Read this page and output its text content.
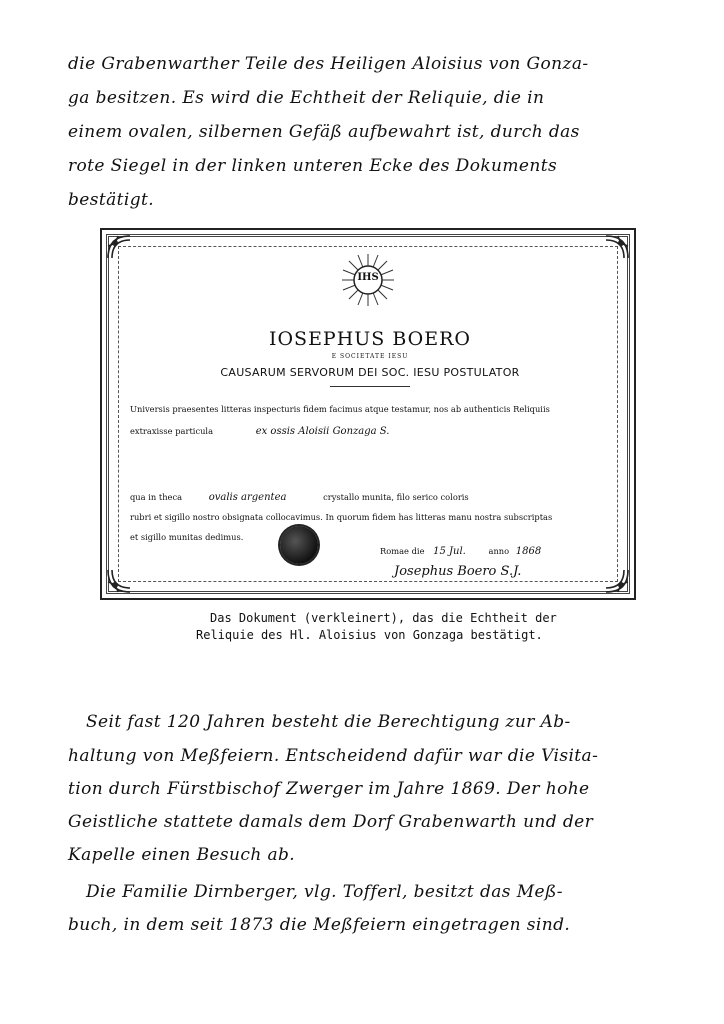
die Grabenwarther Teile des Heiligen Aloisius von Gonza-
ga besitzen. Es wird die Echtheit der Reliquie, die in
einem ovalen, silbernen Gefäß aufbewahrt ist, durch das
rote Siegel in der linken unteren Ecke des Dokuments
bestätigt.
IHS
IOSEPHUS BOERO
E SOCIETATE IESU
CAUSARUM SERVORUM DEI SOC. IESU POSTULATOR
Universis praesentes litteras inspecturis fidem facimus atque testamur, nos ab authenticis Reliquiis
extraxisse particula	ex ossis Aloisii Gonzaga S.
qua in theca	ovalis argentea	crystallo munita, filo serico coloris
rubri et sigillo nostro obsignata collocavimus. In quorum fidem has litteras manu nostra subscriptas
et sigillo munitas dedimus.
Romae die 15 Jul.	anno 1868
Josephus Boero S.J.
Das Dokument (verkleinert), das die Echtheit der
Reliquie des Hl. Aloisius von Gonzaga bestätigt.
Seit fast 120 Jahren besteht die Berechtigung zur Ab-
haltung von Meßfeiern. Entscheidend dafür war die Visita-
tion durch Fürstbischof Zwerger im Jahre 1869. Der hohe
Geistliche stattete damals dem Dorf Grabenwarth und der
Kapelle einen Besuch ab.
Die Familie Dirnberger, vlg. Tofferl, besitzt das Meß-
buch, in dem seit 1873 die Meßfeiern eingetragen sind.
